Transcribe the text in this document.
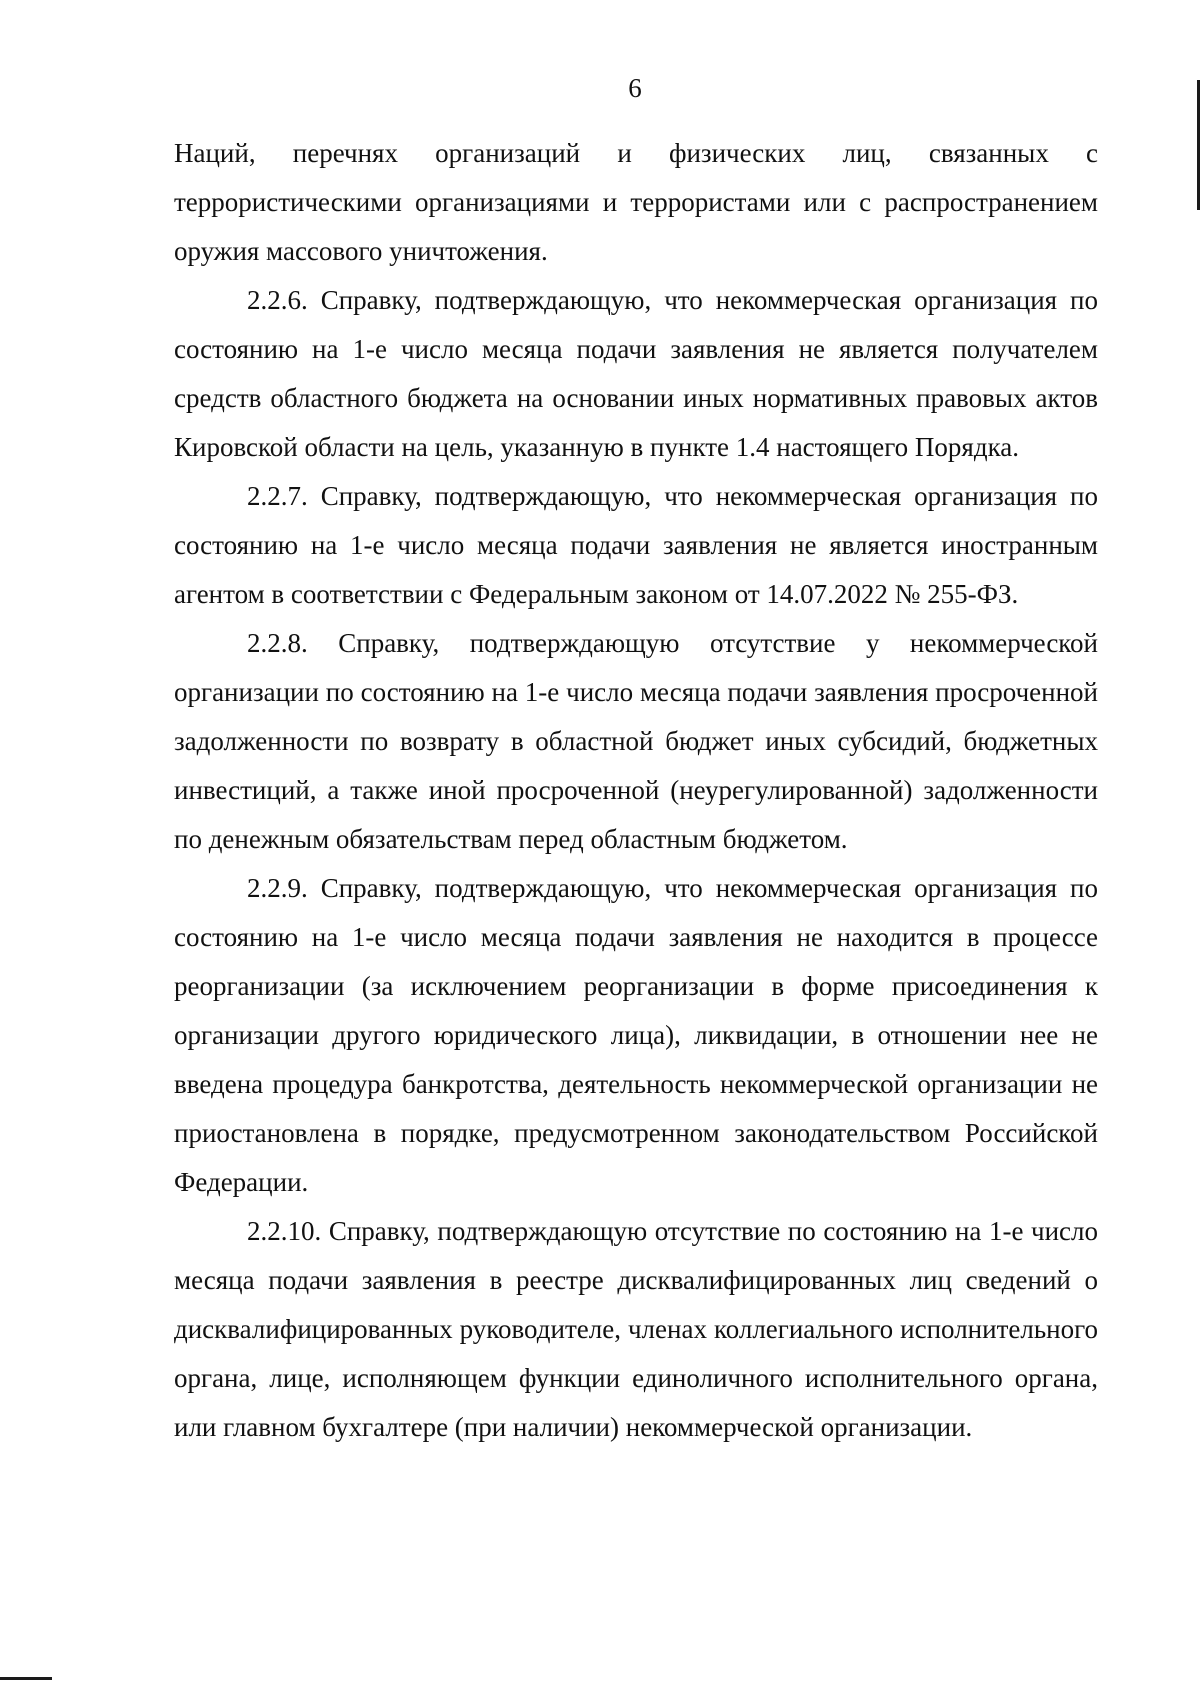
6

Наций, перечнях организаций и физических лиц, связанных с террористическими организациями и террористами или с распространением оружия массового уничтожения.

2.2.6. Справку, подтверждающую, что некоммерческая организация по состоянию на 1-е число месяца подачи заявления не является получателем средств областного бюджета на основании иных нормативных правовых актов Кировской области на цель, указанную в пункте 1.4 настоящего Порядка.

2.2.7. Справку, подтверждающую, что некоммерческая организация по состоянию на 1-е число месяца подачи заявления не является иностранным агентом в соответствии с Федеральным законом от 14.07.2022 № 255-ФЗ.

2.2.8. Справку, подтверждающую отсутствие у некоммерческой организации по состоянию на 1-е число месяца подачи заявления просроченной задолженности по возврату в областной бюджет иных субсидий, бюджетных инвестиций, а также иной просроченной (неурегулированной) задолженности по денежным обязательствам перед областным бюджетом.

2.2.9. Справку, подтверждающую, что некоммерческая организация по состоянию на 1-е число месяца подачи заявления не находится в процессе реорганизации (за исключением реорганизации в форме присоединения к организации другого юридического лица), ликвидации, в отношении нее не введена процедура банкротства, деятельность некоммерческой организации не приостановлена в порядке, предусмотренном законодательством Российской Федерации.

2.2.10. Справку, подтверждающую отсутствие по состоянию на 1-е число месяца подачи заявления в реестре дисквалифицированных лиц сведений о дисквалифицированных руководителе, членах коллегиального исполнительного органа, лице, исполняющем функции единоличного исполнительного органа, или главном бухгалтере (при наличии) некоммерческой организации.
